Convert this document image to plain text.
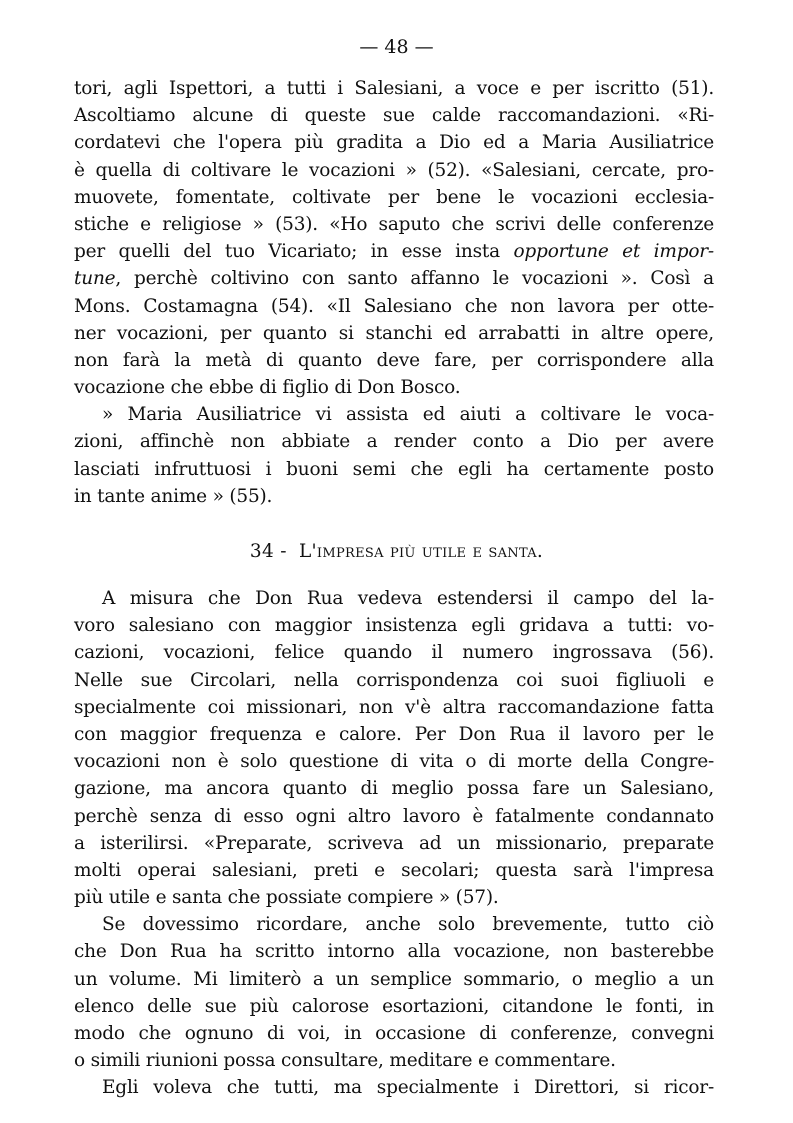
— 48 —
tori, agli Ispettori, a tutti i Salesiani, a voce e per iscritto (51).
Ascoltiamo alcune di queste sue calde raccomandazioni. «Ri-
cordatevi che l'opera più gradita a Dio ed a Maria Ausiliatrice
è quella di coltivare le vocazioni » (52). «Salesiani, cercate, pro-
muovete, fomentate, coltivate per bene le vocazioni ecclesia-
stiche e religiose » (53). «Ho saputo che scrivi delle conferenze
per quelli del tuo Vicariato; in esse insta opportune et impor-
tune, perchè coltivino con santo affanno le vocazioni ». Così a
Mons. Costamagna (54). «Il Salesiano che non lavora per otte-
ner vocazioni, per quanto si stanchi ed arrabatti in altre opere,
non farà la metà di quanto deve fare, per corrispondere alla
vocazione che ebbe di figlio di Don Bosco.
» Maria Ausiliatrice vi assista ed aiuti a coltivare le voca-
zioni, affinchè non abbiate a render conto a Dio per avere
lasciati infruttuosi i buoni semi che egli ha certamente posto
in tante anime » (55).
34 - L'impresa più utile e santa.
A misura che Don Rua vedeva estendersi il campo del la-
voro salesiano con maggior insistenza egli gridava a tutti: vo-
cazioni, vocazioni, felice quando il numero ingrossava (56).
Nelle sue Circolari, nella corrispondenza coi suoi figliuoli e
specialmente coi missionari, non v'è altra raccomandazione fatta
con maggior frequenza e calore. Per Don Rua il lavoro per le
vocazioni non è solo questione di vita o di morte della Congre-
gazione, ma ancora quanto di meglio possa fare un Salesiano,
perchè senza di esso ogni altro lavoro è fatalmente condannato
a isterilirsi. «Preparate, scriveva ad un missionario, preparate
molti operai salesiani, preti e secolari; questa sarà l'impresa
più utile e santa che possiate compiere » (57).
Se dovessimo ricordare, anche solo brevemente, tutto ciò
che Don Rua ha scritto intorno alla vocazione, non basterebbe
un volume. Mi limiterò a un semplice sommario, o meglio a un
elenco delle sue più calorose esortazioni, citandone le fonti, in
modo che ognuno di voi, in occasione di conferenze, convegni
o simili riunioni possa consultare, meditare e commentare.
Egli voleva che tutti, ma specialmente i Direttori, si ricor-
